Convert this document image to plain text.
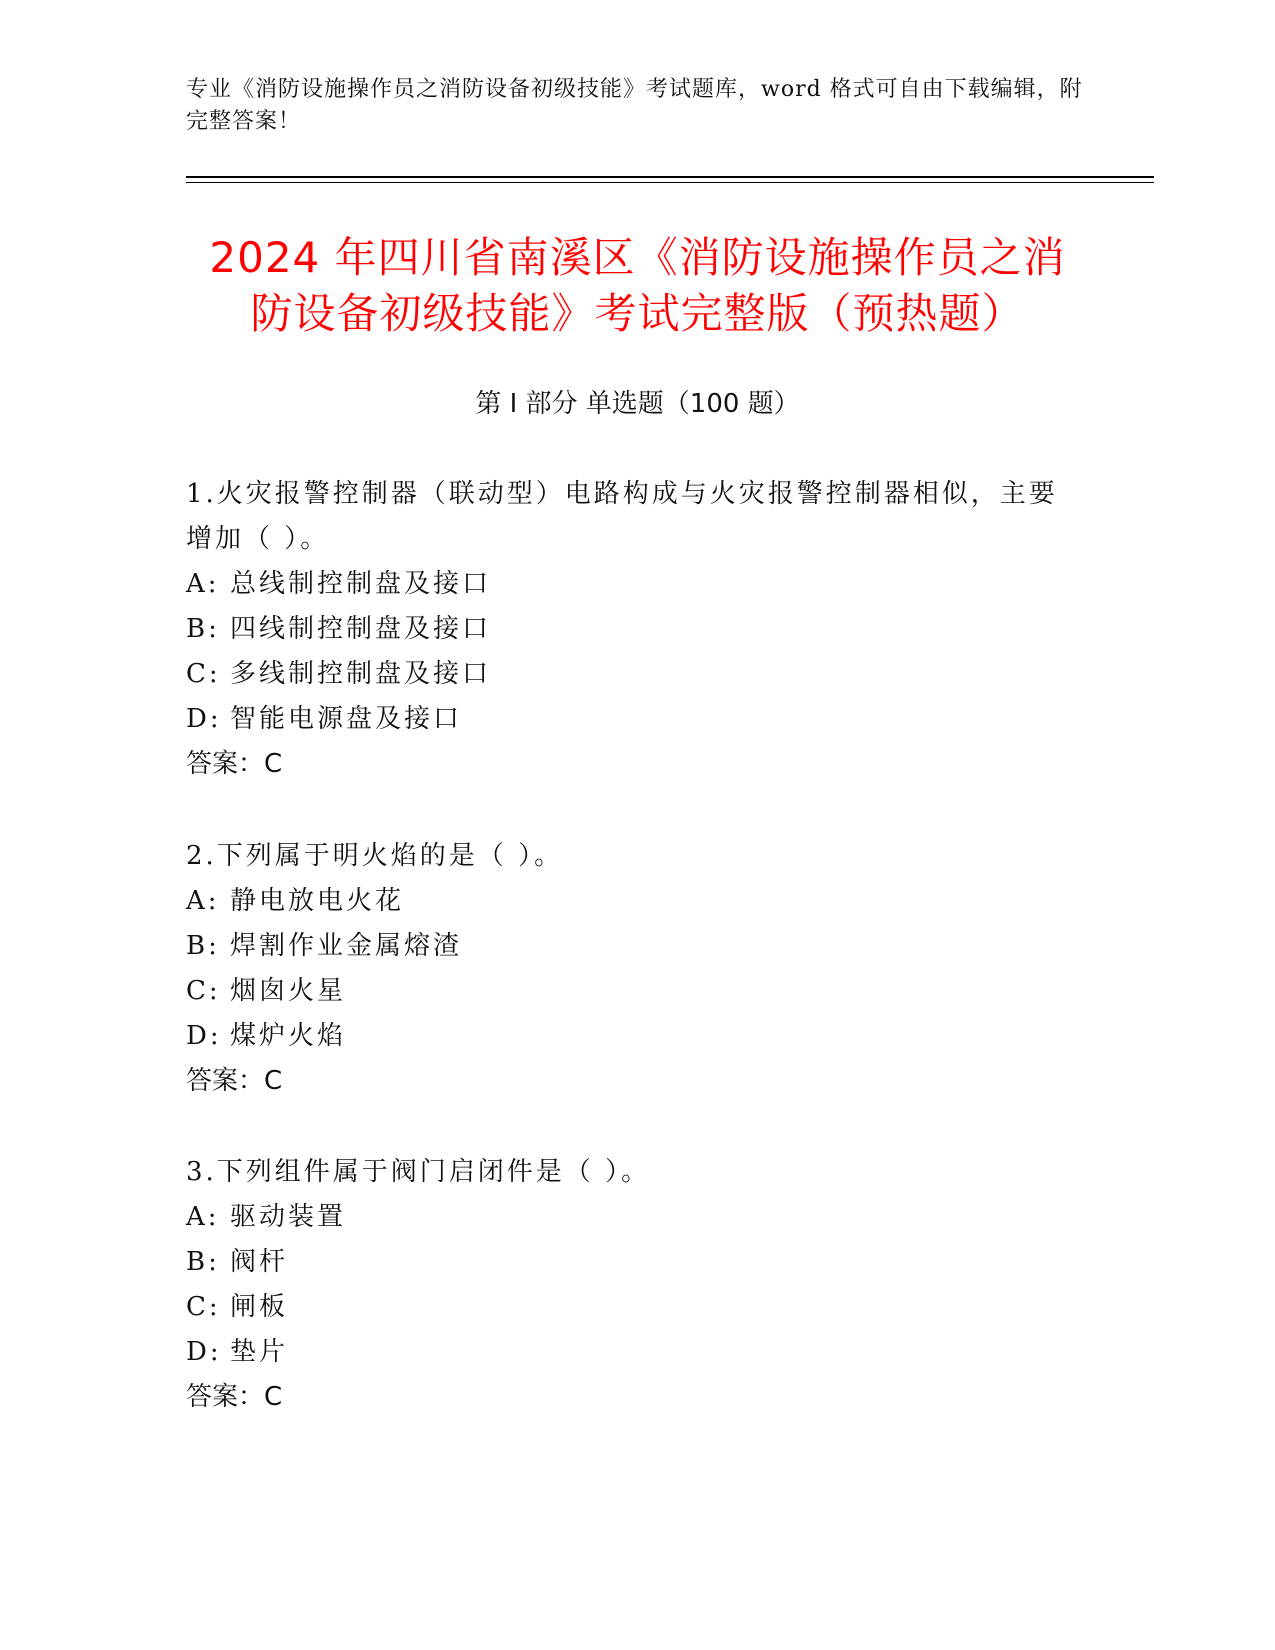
专业《消防设施操作员之消防设备初级技能》考试题库，word 格式可自由下载编辑，附完整答案！
2024 年四川省南溪区《消防设施操作员之消
防设备初级技能》考试完整版（预热题）
第 I 部分 单选题（100 题）

1.火灾报警控制器（联动型）电路构成与火灾报警控制器相似，主要增加（ ）。

A: 总线制控制盘及接口

B: 四线制控制盘及接口

C: 多线制控制盘及接口

D: 智能电源盘及接口

答案：C

2.下列属于明火焰的是（ ）。

A: 静电放电火花

B: 焊割作业金属熔渣

C: 烟囱火星

D: 煤炉火焰

答案：C

3.下列组件属于阀门启闭件是（ ）。

A: 驱动装置

B: 阀杆

C: 闸板

D: 垫片

答案：C
